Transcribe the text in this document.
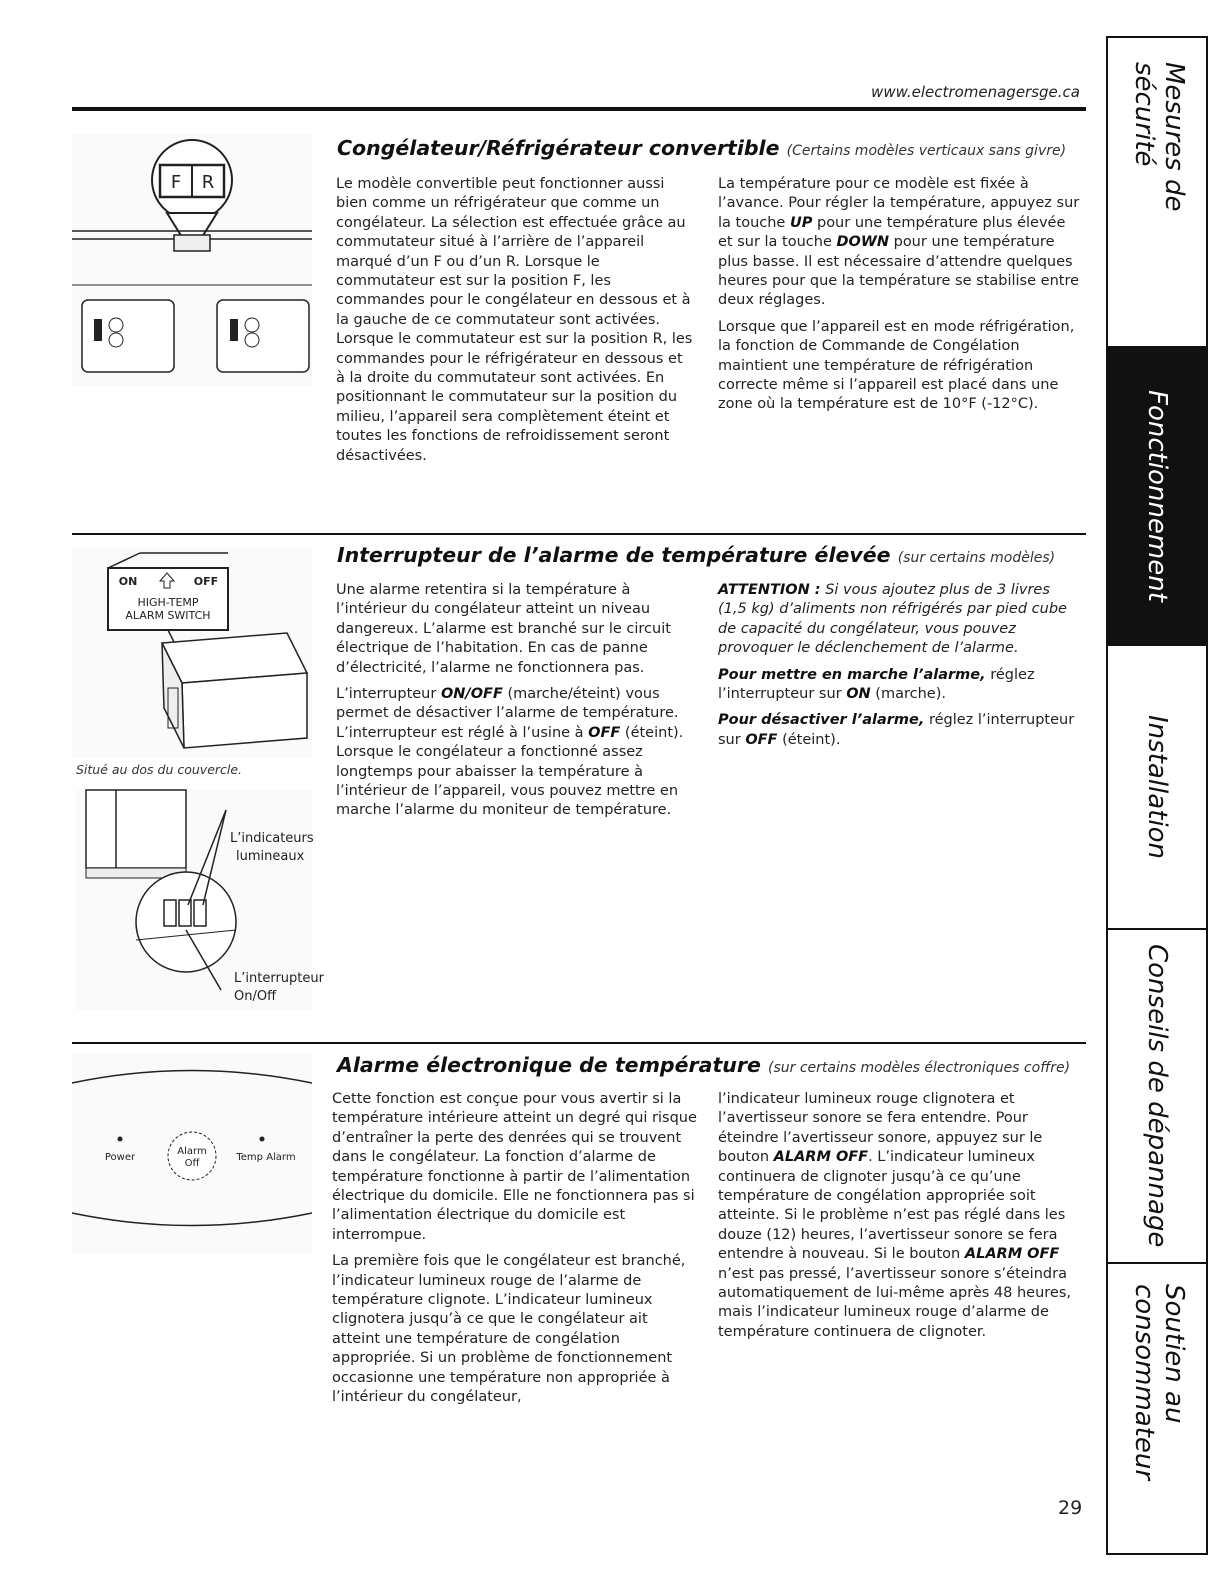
www.electromenagersge.ca
F R
Congélateur/Réfrigérateur convertible (Certains modèles verticaux sans givre)

Le modèle convertible peut fonctionner aussi bien comme un réfrigérateur que comme un congélateur. La sélection est effectuée grâce au commutateur situé à l’arrière de l’appareil marqué d’un F ou d’un R. Lorsque le commutateur est sur la position F, les commandes pour le congélateur en dessous et à la gauche de ce commutateur sont activées. Lorsque le commutateur est sur la position R, les commandes pour le réfrigérateur en dessous et à la droite du commutateur sont activées. En positionnant le commutateur sur la position du milieu, l’appareil sera complètement éteint et toutes les fonctions de refroidissement seront désactivées.

La température pour ce modèle est fixée à l’avance. Pour régler la température, appuyez sur la touche UP pour une température plus élevée et sur la touche DOWN pour une température plus basse. Il est nécessaire d’attendre quelques heures pour que la température se stabilise entre deux réglages.

Lorsque que l’appareil est en mode réfrigération, la fonction de Commande de Congélation maintient une température de réfrigération correcte même si l’appareil est placé dans une zone où la température est de 10°F (-12°C).

ON	OFF
HIGH-TEMP
ALARM SWITCH
Situé au dos du couvercle.
L’indicateurs
lumineaux
L’interrupteur
On/Off
Interrupteur de l’alarme de température élevée (sur certains modèles)

Une alarme retentira si la température à l’intérieur du congélateur atteint un niveau dangereux. L’alarme est branché sur le circuit électrique de l’habitation. En cas de panne d’électricité, l’alarme ne fonctionnera pas.

L’interrupteur ON/OFF (marche/éteint) vous permet de désactiver l’alarme de température. L’interrupteur est réglé à l’usine à OFF (éteint). Lorsque le congélateur a fonctionné assez longtemps pour abaisser la température à l’intérieur de l’appareil, vous pouvez mettre en marche l’alarme du moniteur de température.

ATTENTION : Si vous ajoutez plus de 3 livres (1,5 kg) d’aliments non réfrigérés par pied cube de capacité du congélateur, vous pouvez provoquer le déclenchement de l’alarme.

Pour mettre en marche l’alarme, réglez l’interrupteur sur ON (marche).

Pour désactiver l’alarme, réglez l’interrupteur sur OFF (éteint).

Power
Alarm
Off
Temp Alarm
Alarme électronique de température (sur certains modèles électroniques coffre)

Cette fonction est conçue pour vous avertir si la température intérieure atteint un degré qui risque d’entraîner la perte des denrées qui se trouvent dans le congélateur. La fonction d’alarme de température fonctionne à partir de l’alimentation électrique du domicile. Elle ne fonctionnera pas si l’alimentation électrique du domicile est interrompue.

La première fois que le congélateur est branché, l’indicateur lumineux rouge de l’alarme de température clignote. L’indicateur lumineux clignotera jusqu’à ce que le congélateur ait atteint une température de congélation appropriée. Si un problème de fonctionnement occasionne une température non appropriée à l’intérieur du congélateur,

l’indicateur lumineux rouge clignotera et l’avertisseur sonore se fera entendre. Pour éteindre l’avertisseur sonore, appuyez sur le bouton ALARM OFF. L’indicateur lumineux continuera de clignoter jusqu’à ce qu’une température de congélation appropriée soit atteinte. Si le problème n’est pas réglé dans les douze (12) heures, l’avertisseur sonore se fera entendre à nouveau. Si le bouton ALARM OFF n’est pas pressé, l’avertisseur sonore s’éteindra automatiquement de lui-même après 48 heures, mais l’indicateur lumineux rouge d’alarme de température continuera de clignoter.

Mesures de sécurité
Fonctionnement
Installation
Conseils de dépannage
Soutien au consommateur
29
